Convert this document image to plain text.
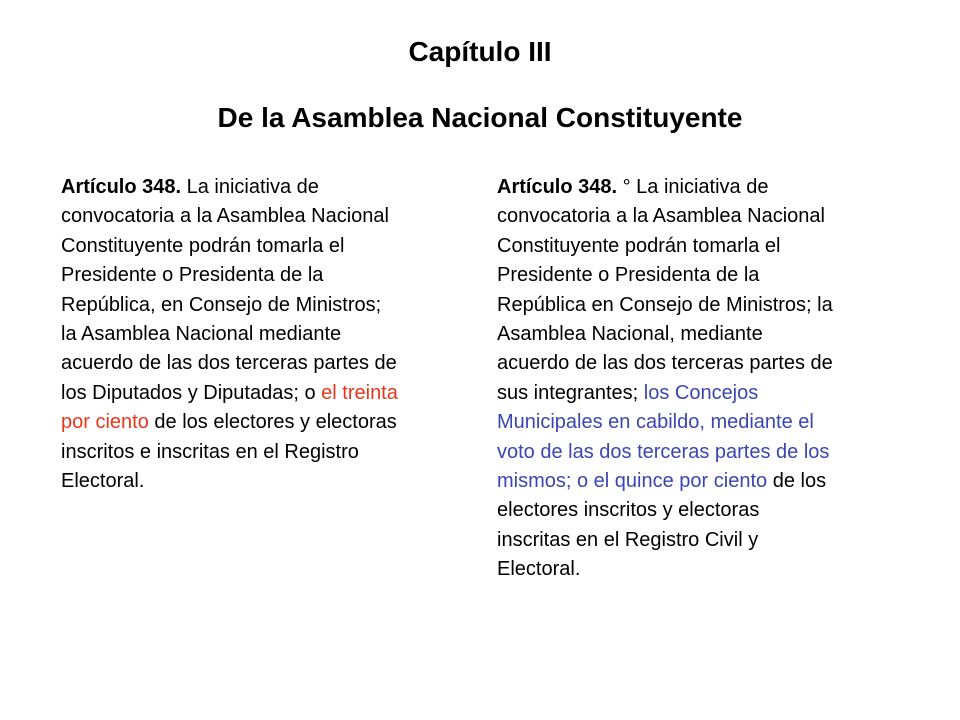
Capítulo III
De la Asamblea Nacional Constituyente
Artículo 348. La iniciativa de
convocatoria a la Asamblea Nacional
Constituyente podrán tomarla el
Presidente o Presidenta de la
República, en Consejo de Ministros;
la Asamblea Nacional mediante
acuerdo de las dos terceras partes de
los Diputados y Diputadas; o el treinta
por ciento de los electores y electoras
inscritos e inscritas en el Registro
Electoral.
Artículo 348. ° La iniciativa de
convocatoria a la Asamblea Nacional
Constituyente podrán tomarla el
Presidente o Presidenta de la
República en Consejo de Ministros; la
Asamblea Nacional, mediante
acuerdo de las dos terceras partes de
sus integrantes; los Concejos
Municipales en cabildo, mediante el
voto de las dos terceras partes de los
mismos; o el quince por ciento de los
electores inscritos y electoras
inscritas en el Registro Civil y
Electoral.
